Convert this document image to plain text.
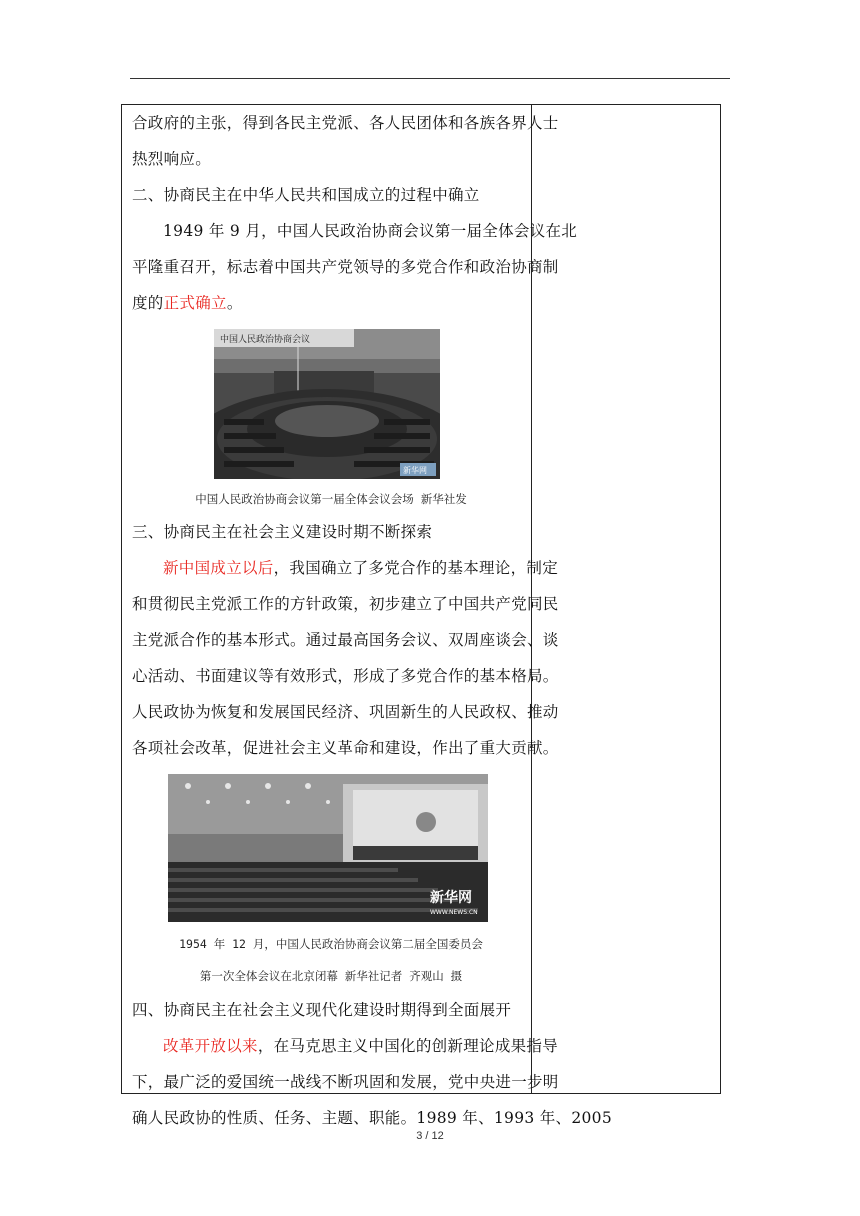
合政府的主张，得到各民主党派、各人民团体和各族各界人士
热烈响应。
二、协商民主在中华人民共和国成立的过程中确立
1949 年 9 月，中国人民政治协商会议第一届全体会议在北
平隆重召开，标志着中国共产党领导的多党合作和政治协商制
度的正式确立。
中国人民政治协商会议
新华网
中国人民政治协商会议第一届全体会议会场 新华社发
三、协商民主在社会主义建设时期不断探索
新中国成立以后，我国确立了多党合作的基本理论，制定
和贯彻民主党派工作的方针政策，初步建立了中国共产党同民
主党派合作的基本形式。通过最高国务会议、双周座谈会、谈
心活动、书面建议等有效形式，形成了多党合作的基本格局。
人民政协为恢复和发展国民经济、巩固新生的人民政权、推动
各项社会改革，促进社会主义革命和建设，作出了重大贡献。
新华网
WWW.NEWS.CN
1954 年 12 月，中国人民政治协商会议第二届全国委员会
第一次全体会议在北京闭幕 新华社记者 齐观山 摄
四、协商民主在社会主义现代化建设时期得到全面展开
改革开放以来，在马克思主义中国化的创新理论成果指导
下，最广泛的爱国统一战线不断巩固和发展，党中央进一步明
确人民政协的性质、任务、主题、职能。1989 年、1993 年、2005
3 / 12
